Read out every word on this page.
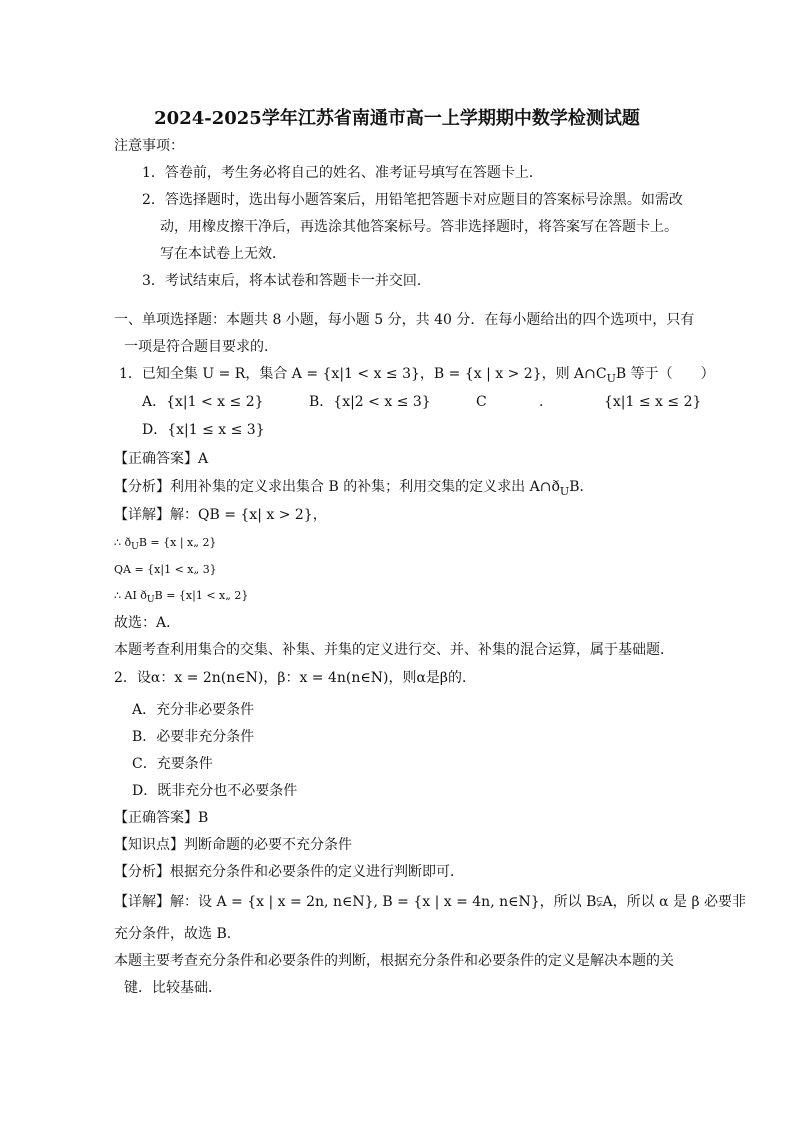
2024-2025学年江苏省南通市高一上学期期中数学检测试题
注意事项：
1．答卷前，考生务必将自己的姓名、准考证号填写在答题卡上．
2．答选择题时，选出每小题答案后，用铅笔把答题卡对应题目的答案标号涂黑。如需改
动，用橡皮擦干净后，再选涂其他答案标号。答非选择题时，将答案写在答题卡上。
写在本试卷上无效．
3．考试结束后，将本试卷和答题卡一并交回．
一、单项选择题：本题共 8 小题，每小题 5 分，共 40 分．在每小题给出的四个选项中，只有
一项是符合题目要求的．
1．已知全集 U = R，集合 A = {x|1 < x ≤ 3}，B = {x | x > 2}，则 $A\cap C_UB$ 等于（　　）
A．{x|1 < x ≤ 2}	B．{x|2 < x ≤ 3}	C	.	{x|1 ≤ x ≤ 2}
D．{x|1 ≤ x ≤ 3}
【正确答案】A
【分析】利用补集的定义求出集合 B 的补集；利用交集的定义求出 $A\cap ð_UB$．
【详解】解：QB = {x| x > 2}，
∴ $ð_UB = \{x$ | x„ 2}
QA = {x|1 < x„ 3}
∴ AI $ð_UB = \{x|1$ < x„ 2}
故选：A．
本题考查利用集合的交集、补集、并集的定义进行交、并、补集的混合运算，属于基础题．
2．设α：x = 2n(n∈N)，β：x = 4n(n∈N)，则α是β的．
A．充分非必要条件
B．必要非充分条件
C．充要条件
D．既非充分也不必要条件
【正确答案】B
【知识点】判断命题的必要不充分条件
【分析】根据充分条件和必要条件的定义进行判断即可．
【详解】解：设 A = {x | x = 2n, n∈N}, B = {x | x = 4n, n∈N}，所以 B⫋A，所以 α 是 β 必要非
充分条件，故选 B.
本题主要考查充分条件和必要条件的判断，根据充分条件和必要条件的定义是解决本题的关
键．比较基础．
